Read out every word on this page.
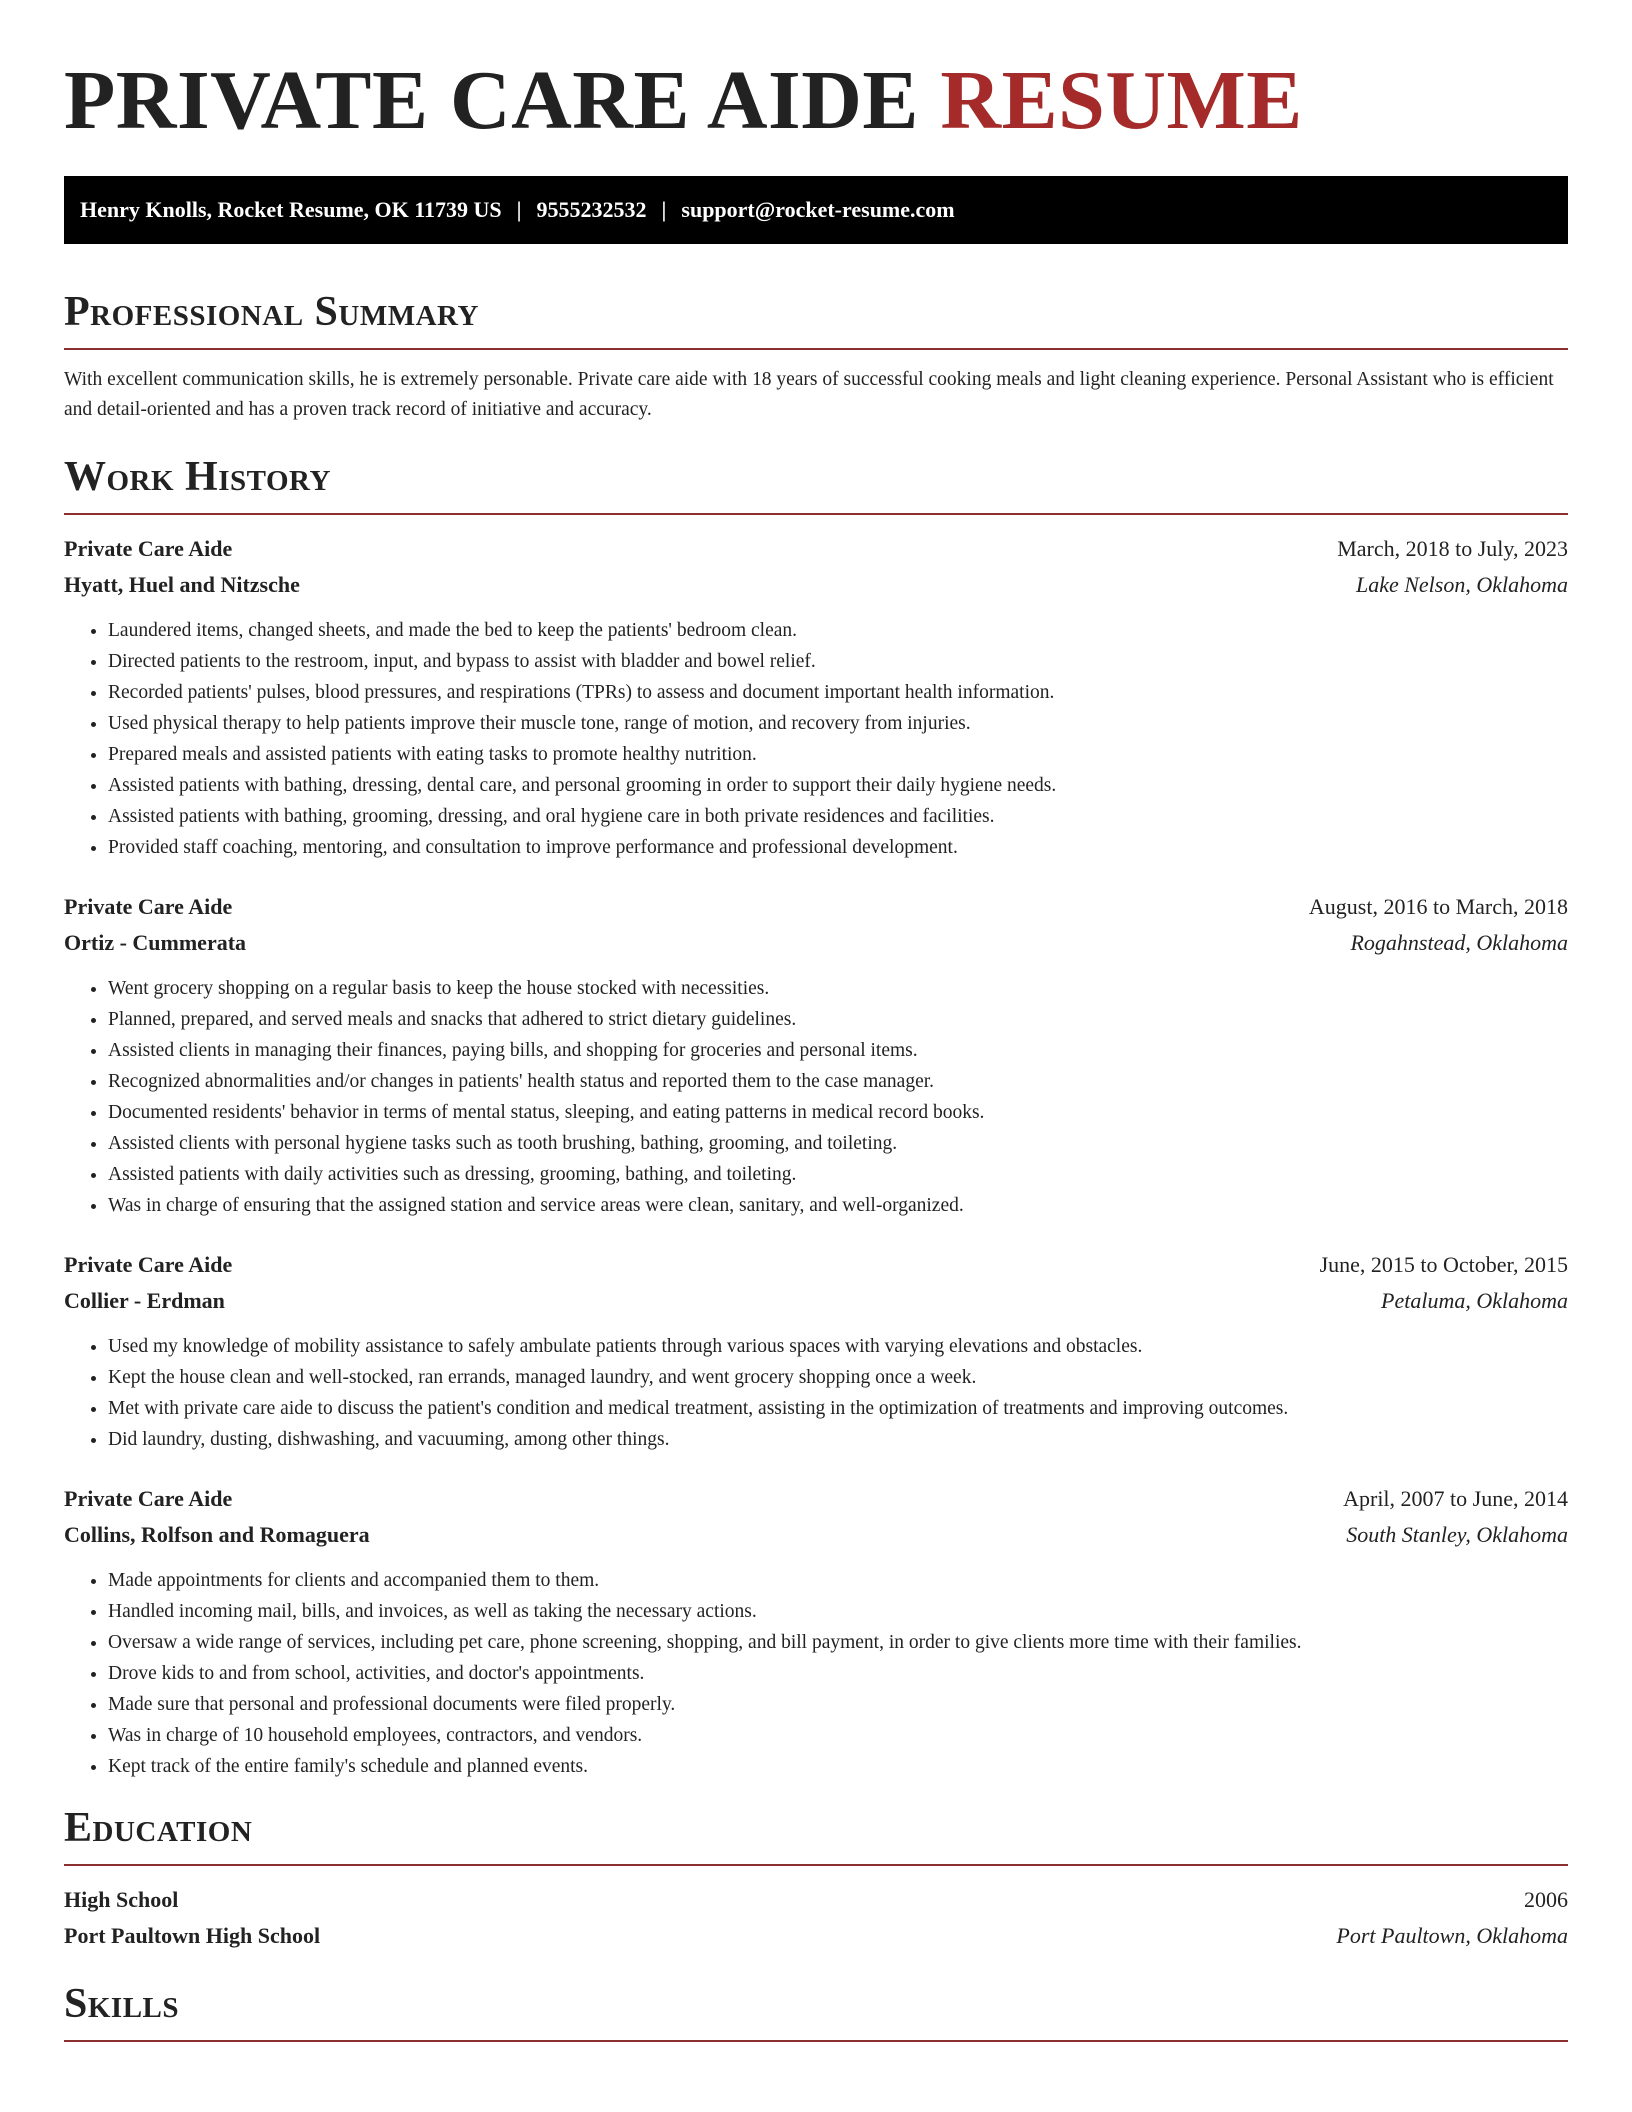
PRIVATE CARE AIDE RESUME
Henry Knolls, Rocket Resume, OK 11739 US | 9555232532 | support@rocket-resume.com
Professional Summary

With excellent communication skills, he is extremely personable. Private care aide with 18 years of successful cooking meals and light cleaning experience. Personal Assistant who is efficient and detail-oriented and has a proven track record of initiative and accuracy.

Work History
Private Care Aide	March, 2018 to July, 2023
Hyatt, Huel and Nitzsche	Lake Nelson, Oklahoma
• Laundered items, changed sheets, and made the bed to keep the patients' bedroom clean.
• Directed patients to the restroom, input, and bypass to assist with bladder and bowel relief.
• Recorded patients' pulses, blood pressures, and respirations (TPRs) to assess and document important health information.
• Used physical therapy to help patients improve their muscle tone, range of motion, and recovery from injuries.
• Prepared meals and assisted patients with eating tasks to promote healthy nutrition.
• Assisted patients with bathing, dressing, dental care, and personal grooming in order to support their daily hygiene needs.
• Assisted patients with bathing, grooming, dressing, and oral hygiene care in both private residences and facilities.
• Provided staff coaching, mentoring, and consultation to improve performance and professional development.
Private Care Aide	August, 2016 to March, 2018
Ortiz - Cummerata	Rogahnstead, Oklahoma
• Went grocery shopping on a regular basis to keep the house stocked with necessities.
• Planned, prepared, and served meals and snacks that adhered to strict dietary guidelines.
• Assisted clients in managing their finances, paying bills, and shopping for groceries and personal items.
• Recognized abnormalities and/or changes in patients' health status and reported them to the case manager.
• Documented residents' behavior in terms of mental status, sleeping, and eating patterns in medical record books.
• Assisted clients with personal hygiene tasks such as tooth brushing, bathing, grooming, and toileting.
• Assisted patients with daily activities such as dressing, grooming, bathing, and toileting.
• Was in charge of ensuring that the assigned station and service areas were clean, sanitary, and well-organized.
Private Care Aide	June, 2015 to October, 2015
Collier - Erdman	Petaluma, Oklahoma
• Used my knowledge of mobility assistance to safely ambulate patients through various spaces with varying elevations and obstacles.
• Kept the house clean and well-stocked, ran errands, managed laundry, and went grocery shopping once a week.
• Met with private care aide to discuss the patient's condition and medical treatment, assisting in the optimization of treatments and improving outcomes.
• Did laundry, dusting, dishwashing, and vacuuming, among other things.
Private Care Aide	April, 2007 to June, 2014
Collins, Rolfson and Romaguera	South Stanley, Oklahoma
• Made appointments for clients and accompanied them to them.
• Handled incoming mail, bills, and invoices, as well as taking the necessary actions.
• Oversaw a wide range of services, including pet care, phone screening, shopping, and bill payment, in order to give clients more time with their families.
• Drove kids to and from school, activities, and doctor's appointments.
• Made sure that personal and professional documents were filed properly.
• Was in charge of 10 household employees, contractors, and vendors.
• Kept track of the entire family's schedule and planned events.
Education
High School	2006
Port Paultown High School	Port Paultown, Oklahoma
Skills
